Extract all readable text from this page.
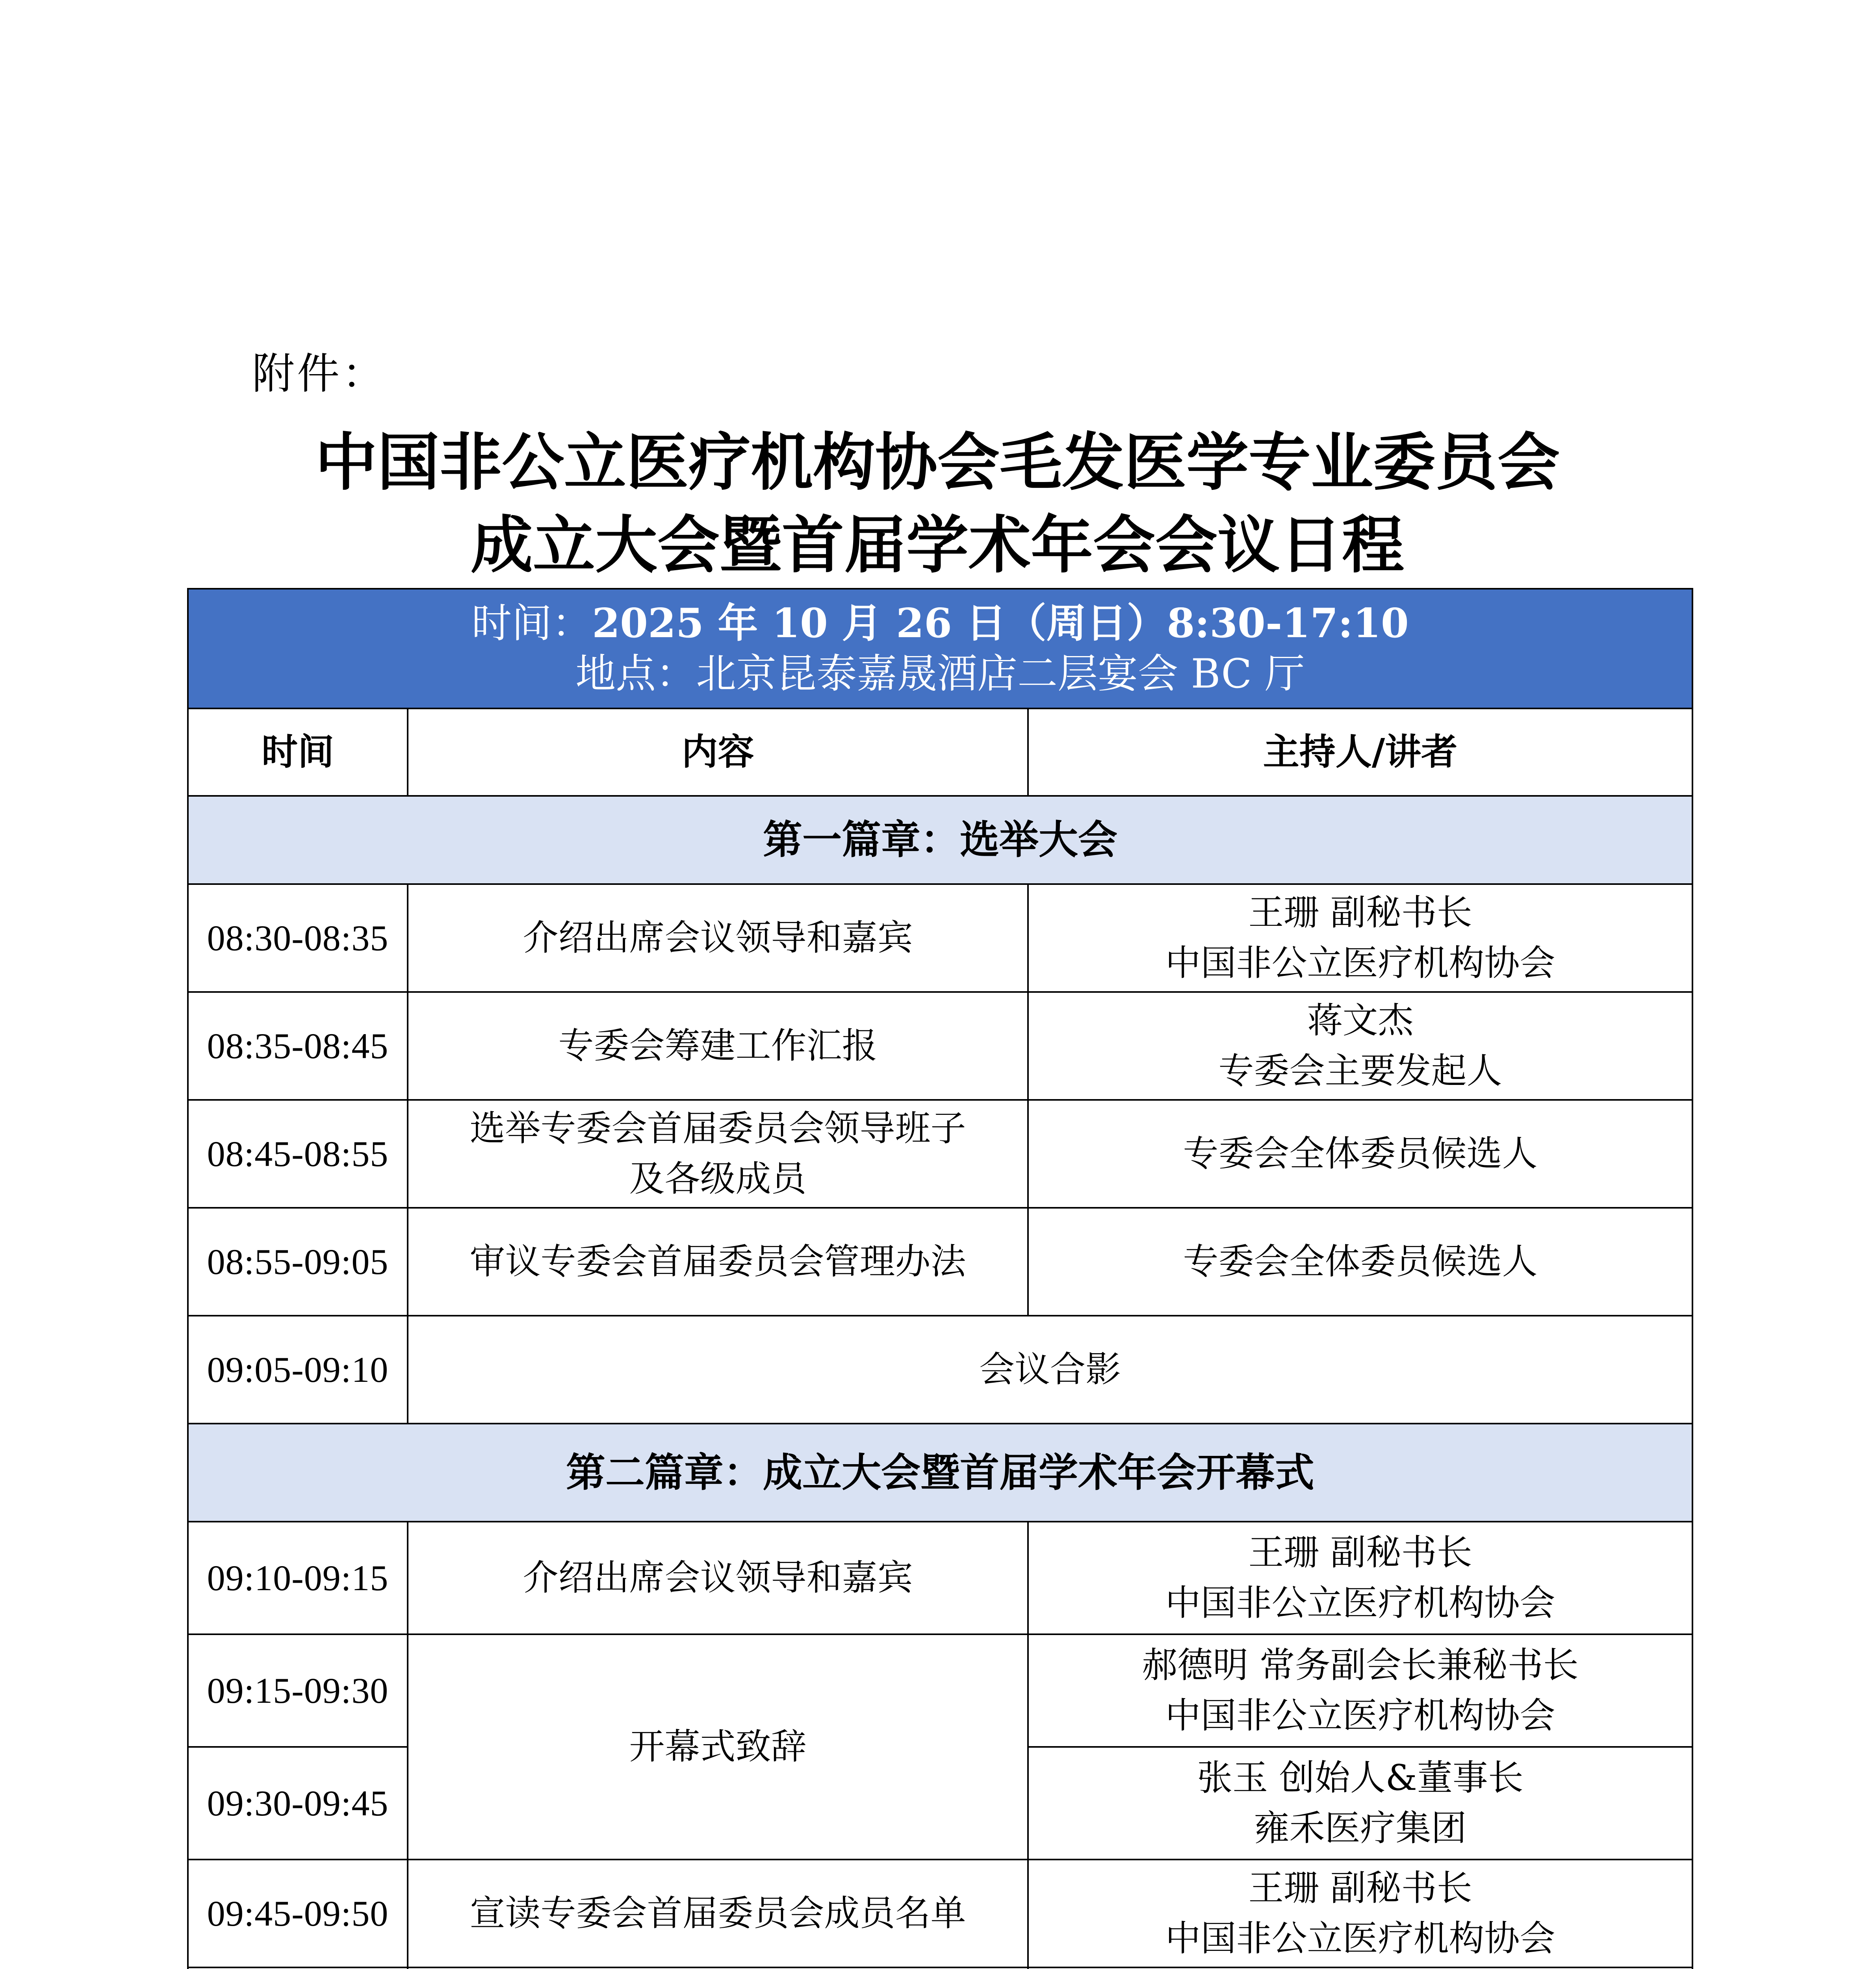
附件：
中国非公立医疗机构协会毛发医学专业委员会
成立大会暨首届学术年会会议日程
时间：2025 年 10 月 26 日（周日）8:30-17:10
地点：北京昆泰嘉晟酒店二层宴会 BC 厅		

时间	内容	主持人/讲者
第一篇章：选举大会		
08:30-08:35	介绍出席会议领导和嘉宾	王珊 副秘书长
中国非公立医疗机构协会

08:35-08:45	专委会筹建工作汇报	蒋文杰
专委会主要发起人

08:45-08:55	选举专委会首届委员会领导班子
及各级成员	专委会全体委员候选人

08:55-09:05	审议专委会首届委员会管理办法	专委会全体委员候选人

09:05-09:10	会议合影	

第二篇章：成立大会暨首届学术年会开幕式		
09:10-09:15	介绍出席会议领导和嘉宾	王珊 副秘书长
中国非公立医疗机构协会

09:15-09:30	开幕式致辞	郝德明 常务副会长兼秘书长
中国非公立医疗机构协会

09:30-09:45		张玉 创始人&董事长
雍禾医疗集团

09:45-09:50	宣读专委会首届委员会成员名单	王珊 副秘书长
中国非公立医疗机构协会
